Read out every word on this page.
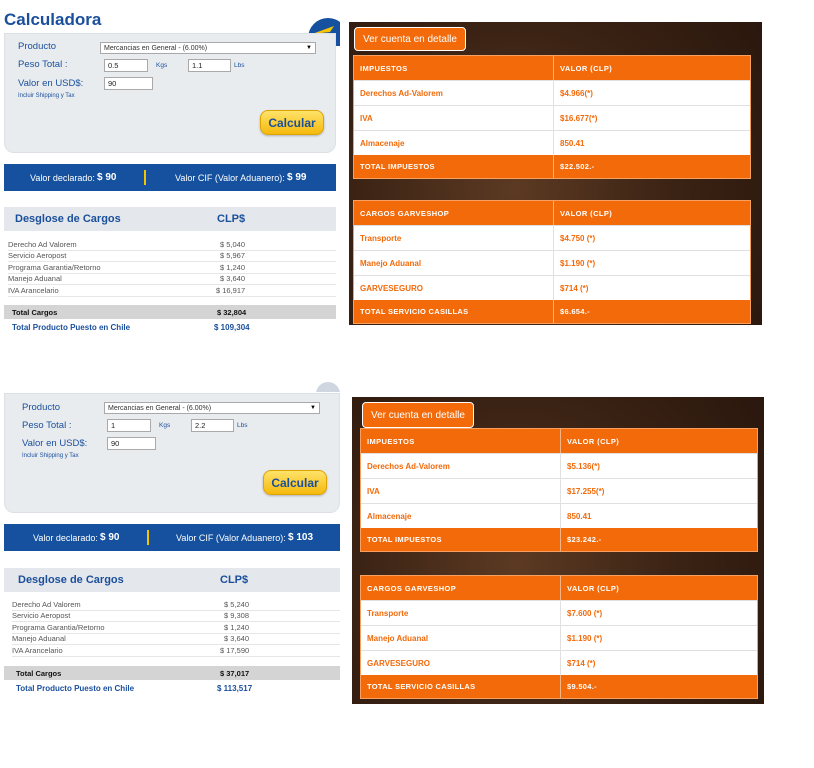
Calculadora
Producto	Mercancias en General - (6.00%)	▼
Peso Total :	0.5	Kgs	1.1	Lbs
Valor en USD$:	90
Incluir Shipping y Tax
Calcular
Valor declarado: $ 90	Valor CIF (Valor Aduanero): $ 99
Desglose de Cargos	CLP$
Derecho Ad Valorem	$ 5,040
Servicio Aeropost	$ 5,967
Programa Garantia/Retorno	$ 1,240
Manejo Aduanal	$ 3,640
IVA Arancelario	$ 16,917
Total Cargos	$ 32,804
Total Producto Puesto en Chile	$ 109,304
Ver cuenta en detalle
IMPUESTOS	VALOR (CLP)
Derechos Ad-Valorem	$4.966(*)
IVA	$16.677(*)
Almacenaje	850.41
TOTAL IMPUESTOS	$22.502.-
CARGOS GARVESHOP	VALOR (CLP)
Transporte	$4.750 (*)
Manejo Aduanal	$1.190 (*)
GARVESEGURO	$714 (*)
TOTAL SERVICIO CASILLAS	$6.654.-
Producto	Mercancias en General - (6.00%)	▼
Peso Total :	1	Kgs	2.2	Lbs
Valor en USD$:	90
Incluir Shipping y Tax
Calcular
Valor declarado: $ 90	Valor CIF (Valor Aduanero): $ 103
Desglose de Cargos	CLP$
Derecho Ad Valorem	$ 5,240
Servicio Aeropost	$ 9,308
Programa Garantia/Retorno	$ 1,240
Manejo Aduanal	$ 3,640
IVA Arancelario	$ 17,590
Total Cargos	$ 37,017
Total Producto Puesto en Chile	$ 113,517
Ver cuenta en detalle
IMPUESTOS	VALOR (CLP)
Derechos Ad-Valorem	$5.136(*)
IVA	$17.255(*)
Almacenaje	850.41
TOTAL IMPUESTOS	$23.242.-
CARGOS GARVESHOP	VALOR (CLP)
Transporte	$7.600 (*)
Manejo Aduanal	$1.190 (*)
GARVESEGURO	$714 (*)
TOTAL SERVICIO CASILLAS	$9.504.-
